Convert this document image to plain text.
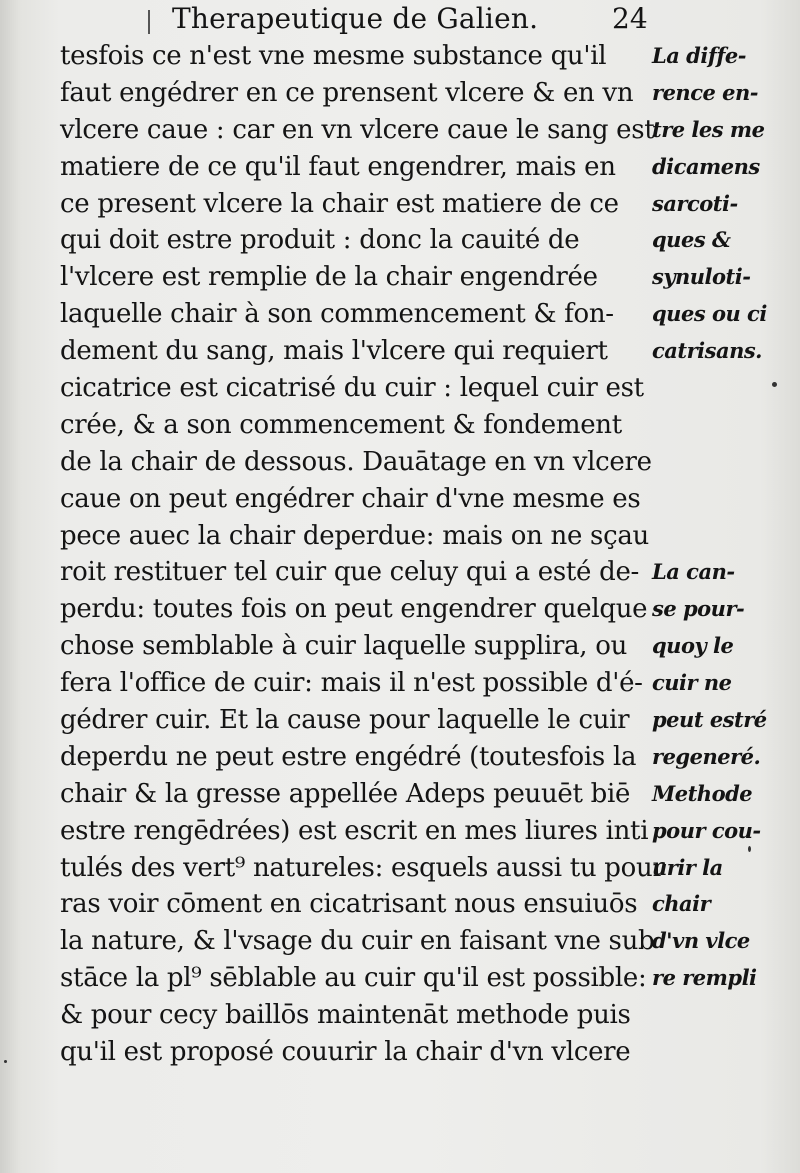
Therapeutique de Galien.	24
tesfois ce n'est vne mesme substance qu'il
faut engédrer en ce prensent vlcere & en vn
vlcere caue : car en vn vlcere caue le sang est
matiere de ce qu'il faut engendrer, mais en
ce present vlcere la chair est matiere de ce
qui doit estre produit : donc la cauité de
l'vlcere est remplie de la chair engendrée
laquelle chair à son commencement & fon-
dement du sang, mais l'vlcere qui requiert
cicatrice est cicatrisé du cuir : lequel cuir est
crée, & a son commencement & fondement
de la chair de dessous. Dauātage en vn vlcere
caue on peut engédrer chair d'vne mesme es
pece auec la chair deperdue: mais on ne sçau
roit restituer tel cuir que celuy qui a esté de-
perdu: toutes fois on peut engendrer quelque
chose semblable à cuir laquelle supplira, ou
fera l'office de cuir: mais il n'est possible d'é-
gédrer cuir. Et la cause pour laquelle le cuir
deperdu ne peut estre engédré (toutesfois la
chair & la gresse appellée Adeps peuuēt biē
estre rengēdrées) est escrit en mes liures inti
tulés des vert⁹ natureles: esquels aussi tu pour
ras voir cōment en cicatrisant nous ensuiuōs
la nature, & l'vsage du cuir en faisant vne sub
stāce la pl⁹ sēblable au cuir qu'il est possible:
& pour cecy baillōs maintenāt methode puis
qu'il est proposé couurir la chair d'vn vlcere
La diffe-
rence en-
tre les me
dicamens
sarcoti-
ques &
synuloti-
ques ou ci
catrisans.
La can-
se pour-
quoy le
cuir ne
peut estré
regeneré.
Methode
pour cou-
urir la
chair
d'vn vlce
re rempli
